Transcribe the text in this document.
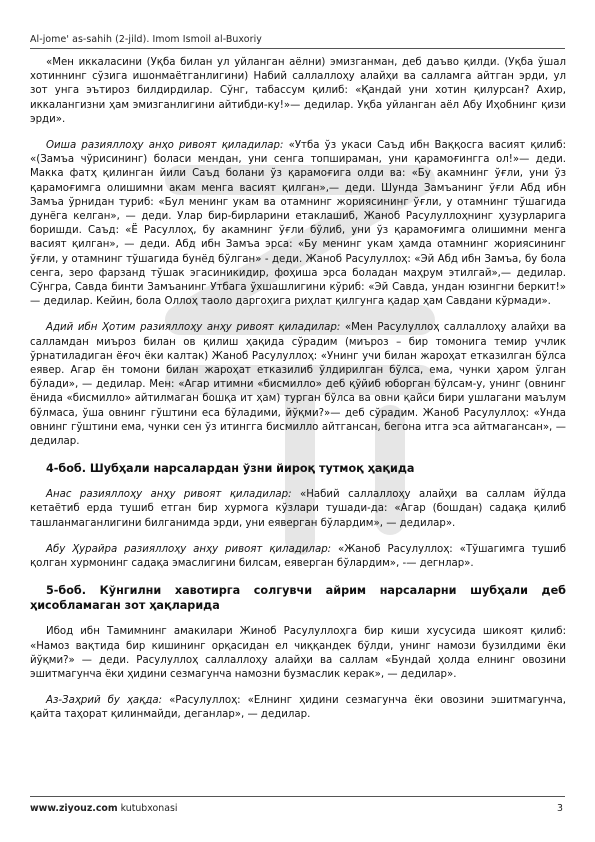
Al-jome' as-sahih (2-jild). Imom Ismoil al-Buxoriy

«Мен иккаласини (Уқба билан ул уйланган аёлни) эмизганман, деб даъво қилди. (Уқба ўшал хотиннинг сўзига ишонмаётганлигини) Набий саллаллоҳу алайҳи ва салламга айтган эрди, ул зот унга эътироз билдирдилар. Сўнг, табассум қилиб: «Қандай уни хотин қилурсан? Ахир, иккалангизни ҳам эмизганлигини айтибди-ку!»— дедилар. Уқба уйланган аёл Абу Иҳобнинг қизи эрди».

Оиша разияллоҳу анҳо ривоят қиладилар: «Утба ўз укаси Саъд ибн Ваққосга васият қилиб: «(Замъа чўрисининг) боласи мендан, уни сенга топширaман, уни қарамоғингга ол!»— деди. Макка фатҳ қилинган йили Саъд болани ўз қарамоғига олди ва: «Бу акамнинг ўғли, уни ўз қарамоғимга олишимни акам менга васият қилган»,— деди. Шунда Замъанинг ўғли Абд ибн Замъа ўрнидан туриб: «Бул менинг укам ва отамнинг жориясининг ўғли, у отамнинг тўшагида дунёга келган», — деди. Улар бир-бирларини етаклашиб, Жаноб Расулуллоҳнинг ҳузурларига боришди. Саъд: «Ё Расуллоҳ, бу акамнинг ўғли бўлиб, уни ўз қарамоғимга олишимни менга васият қилган», — деди. Абд ибн Замъа эрса: «Бу менинг укам ҳамда отамнинг жориясининг ўғли, у отамнинг тўшагида бунёд бўлган» - деди. Жаноб Расулуллоҳ: «Эй Абд ибн Замъа, бу бола сенга, зеро фарзанд тўшак эгасиникидир, фоҳиша эрса боладан маҳрум этилгай»,— дедилар. Сўнгра, Савда бинти Замъанинг Утбага ўхшашлигини кўриб: «Эй Савда, ундан юзингни беркит!» — дедилар. Кейин, бола Оллоҳ таоло даргоҳига риҳлат қилгунга қадар ҳам Савдани кўрмади».

Адий ибн Ҳотим разияллоҳу анҳу ривоят қиладилар: «Мен Расулуллоҳ саллаллоҳу алайҳи ва салламдан миърoз билан ов қилиш ҳақида сўрадим (миърoз – бир томонига темир учлик ўрнатиладиган ёғоч ёки калтак) Жаноб Расулуллоҳ: «Унинг учи билан жароҳат етказилган бўлса еявер. Агар ён томони билан жароҳат етказилиб ўлдирилган бўлса, ема, чунки ҳаром ўлган бўлади», — дедилар. Мен: «Агар итимни «бисмилло» деб қўйиб юборган бўлсам-у, унинг (овнинг ёнида «бисмилло» айтилмаган бошқа ит ҳам) турган бўлса ва овни қайси бири ушлагани маълум бўлмаса, ўша овнинг гўштини еса бўладими, йўқми?»— деб сўрадим. Жаноб Расулуллоҳ: «Унда овнинг гўштини ема, чунки сен ўз итингга бисмилло айтгансан, бегона итга эса айтмагансан», —дедилар.

4-боб. Шубҳали нарсалардан ўзни йироқ тутмоқ ҳақида

Анас разияллоҳу анҳу ривоят қиладилар: «Набий саллаллоҳу алайҳи ва саллам йўлда кетаётиб ерда тушиб етган бир хурмога кўзлари тушади-да: «Агар (бошдан) садақа қилиб ташланмаганлигини билганимда эрди, уни еяверган бўлардим», — дедилар».

Абу Ҳурайра разияллоҳу анҳу ривоят қиладилар: «Жаноб Расулуллоҳ: «Тўшагимга тушиб қолган хурмонинг садақа эмаслигини билсам, еяверган бўлардим», -— дегнлар».

5-боб. Кўнгилни хавотирга солгувчи айрим нарсаларни шубҳали деб ҳисобламаган зот ҳақларида

Ибод ибн Тамимнинг амакилари Жиноб Расулуллоҳга бир киши хусусида шикоят қилиб: «Намоз вақтида бир кишининг орқасидан ел чиққандек бўлди, унинг намози бузилдими ёки йўқми?» — деди. Расулуллоҳ саллаллоҳу алайҳи ва саллам «Бундай ҳолда елнинг овозини эшитмагунча ёки ҳидини сезмагунча намозни бузмаслик керак», — дедилар».

Аз-Заҳрий бу ҳақда: «Расулуллоҳ: «Елнинг ҳидини сезмагунча ёки овозини эшитмагунча, қайта таҳорат қилинмайди, деганлар», — дедилар.

www.ziyouz.com kutubxonasi	3
